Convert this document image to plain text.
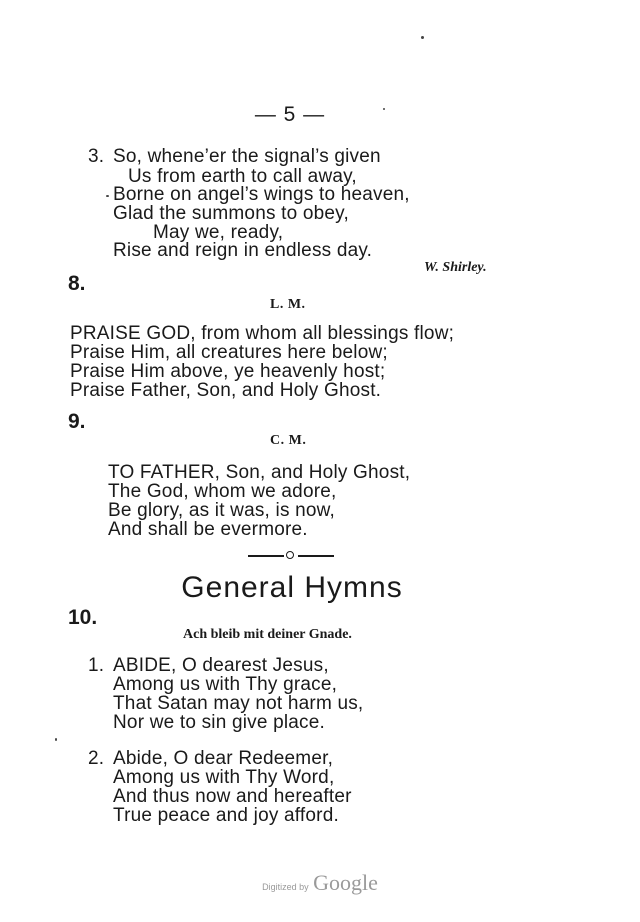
— 5 —
3. So, whene’er the signal’s given
Us from earth to call away,
Borne on angel’s wings to heaven,
Glad the summons to obey,
May we, ready,
Rise and reign in endless day.
W. Shirley.
8.
L. M.
PRAISE GOD, from whom all blessings flow;
Praise Him, all creatures here below;
Praise Him above, ye heavenly host;
Praise Father, Son, and Holy Ghost.
9.
C. M.
TO FATHER, Son, and Holy Ghost,
The God, whom we adore,
Be glory, as it was, is now,
And shall be evermore.
General Hymns
10.
Ach bleib mit deiner Gnade.
1. ABIDE, O dearest Jesus,
Among us with Thy grace,
That Satan may not harm us,
Nor we to sin give place.
2. Abide, O dear Redeemer,
Among us with Thy Word,
And thus now and hereafter
True peace and joy afford.
Digitized by Google
